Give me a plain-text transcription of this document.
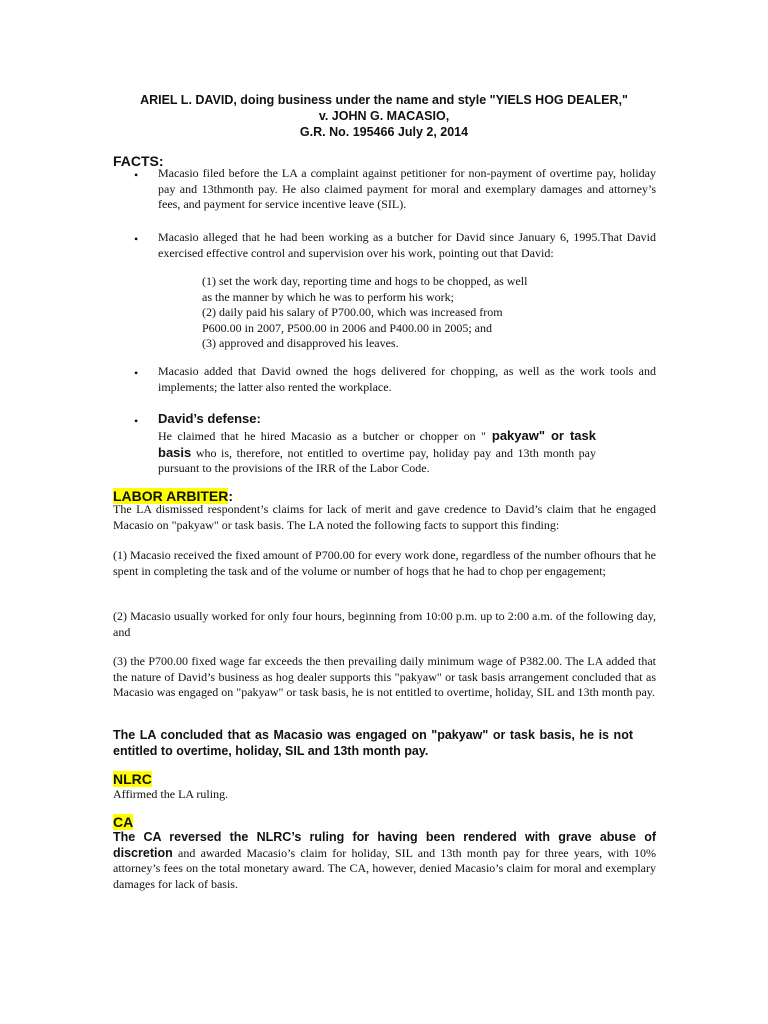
ARIEL L. DAVID, doing business under the name and style "YIELS HOG DEALER,"
v. JOHN G. MACASIO,
G.R. No. 195466 July 2, 2014
FACTS:
• Macasio filed before the LA a complaint against petitioner for non-payment of overtime pay, holiday pay and 13thmonth pay. He also claimed payment for moral and exemplary damages and attorney’s fees, and payment for service incentive leave (SIL).
• Macasio alleged that he had been working as a butcher for David since January 6, 1995.That David exercised effective control and supervision over his work, pointing out that David:
(1) set the work day, reporting time and hogs to be chopped, as well
as the manner by which he was to perform his work;
(2) daily paid his salary of P700.00, which was increased from
P600.00 in 2007, P500.00 in 2006 and P400.00 in 2005; and
(3) approved and disapproved his leaves.
• Macasio added that David owned the hogs delivered for chopping, as well as the work tools and implements; the latter also rented the workplace.
• David’s defense:
He claimed that he hired Macasio as a butcher or chopper on " pakyaw" or task basis who is, therefore, not entitled to overtime pay, holiday pay and 13th month pay pursuant to the provisions of the IRR of the Labor Code.
LABOR ARBITER:
The LA dismissed respondent’s claims for lack of merit and gave credence to David’s claim that he engaged Macasio on "pakyaw" or task basis. The LA noted the following facts to support this finding:
(1) Macasio received the fixed amount of P700.00 for every work done, regardless of the number ofhours that he spent in completing the task and of the volume or number of hogs that he had to chop per engagement;
(2) Macasio usually worked for only four hours, beginning from 10:00 p.m. up to 2:00 a.m. of the following day, and
(3) the P700.00 fixed wage far exceeds the then prevailing daily minimum wage of P382.00. The LA added that the nature of David’s business as hog dealer supports this "pakyaw" or task basis arrangement concluded that as Macasio was engaged on "pakyaw" or task basis, he is not entitled to overtime, holiday, SIL and 13th month pay.
The LA concluded that as Macasio was engaged on "pakyaw" or task basis, he is not entitled to overtime, holiday, SIL and 13th month pay.
NLRC
Affirmed the LA ruling.
CA
The CA reversed the NLRC’s ruling for having been rendered with grave abuse of discretion and awarded Macasio’s claim for holiday, SIL and 13th month pay for three years, with 10% attorney’s fees on the total monetary award. The CA, however, denied Macasio’s claim for moral and exemplary damages for lack of basis.
